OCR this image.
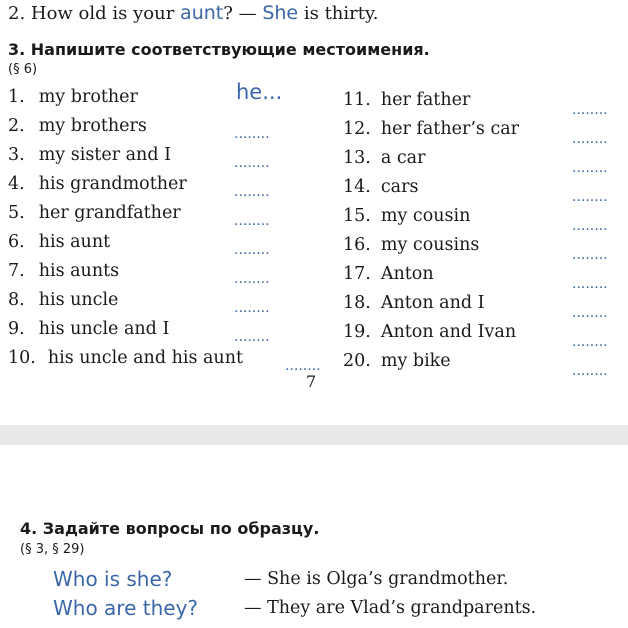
2. How old is your aunt? — She is thirty.
3. Напишите соответствующие местоимения.
(§ 6)
7
1. my brother	he...
2. my brothers	........
3. my sister and I	........
4. his grandmother	........
5. her grandfather	........
6. his aunt	........
7. his aunts	........
8. his uncle	........
9. his uncle and I	........
10. his uncle and his aunt	........
11. her father	........
12. her father’s car	........
13. a car	........
14. cars	........
15. my cousin	........
16. my cousins	........
17. Anton	........
18. Anton and I	........
19. Anton and Ivan	........
20. my bike	........
4. Задайте вопросы по образцу.
(§ 3, § 29)
Who is she?	— She is Olga’s grandmother.
Who are they?	— They are Vlad’s grandparents.
